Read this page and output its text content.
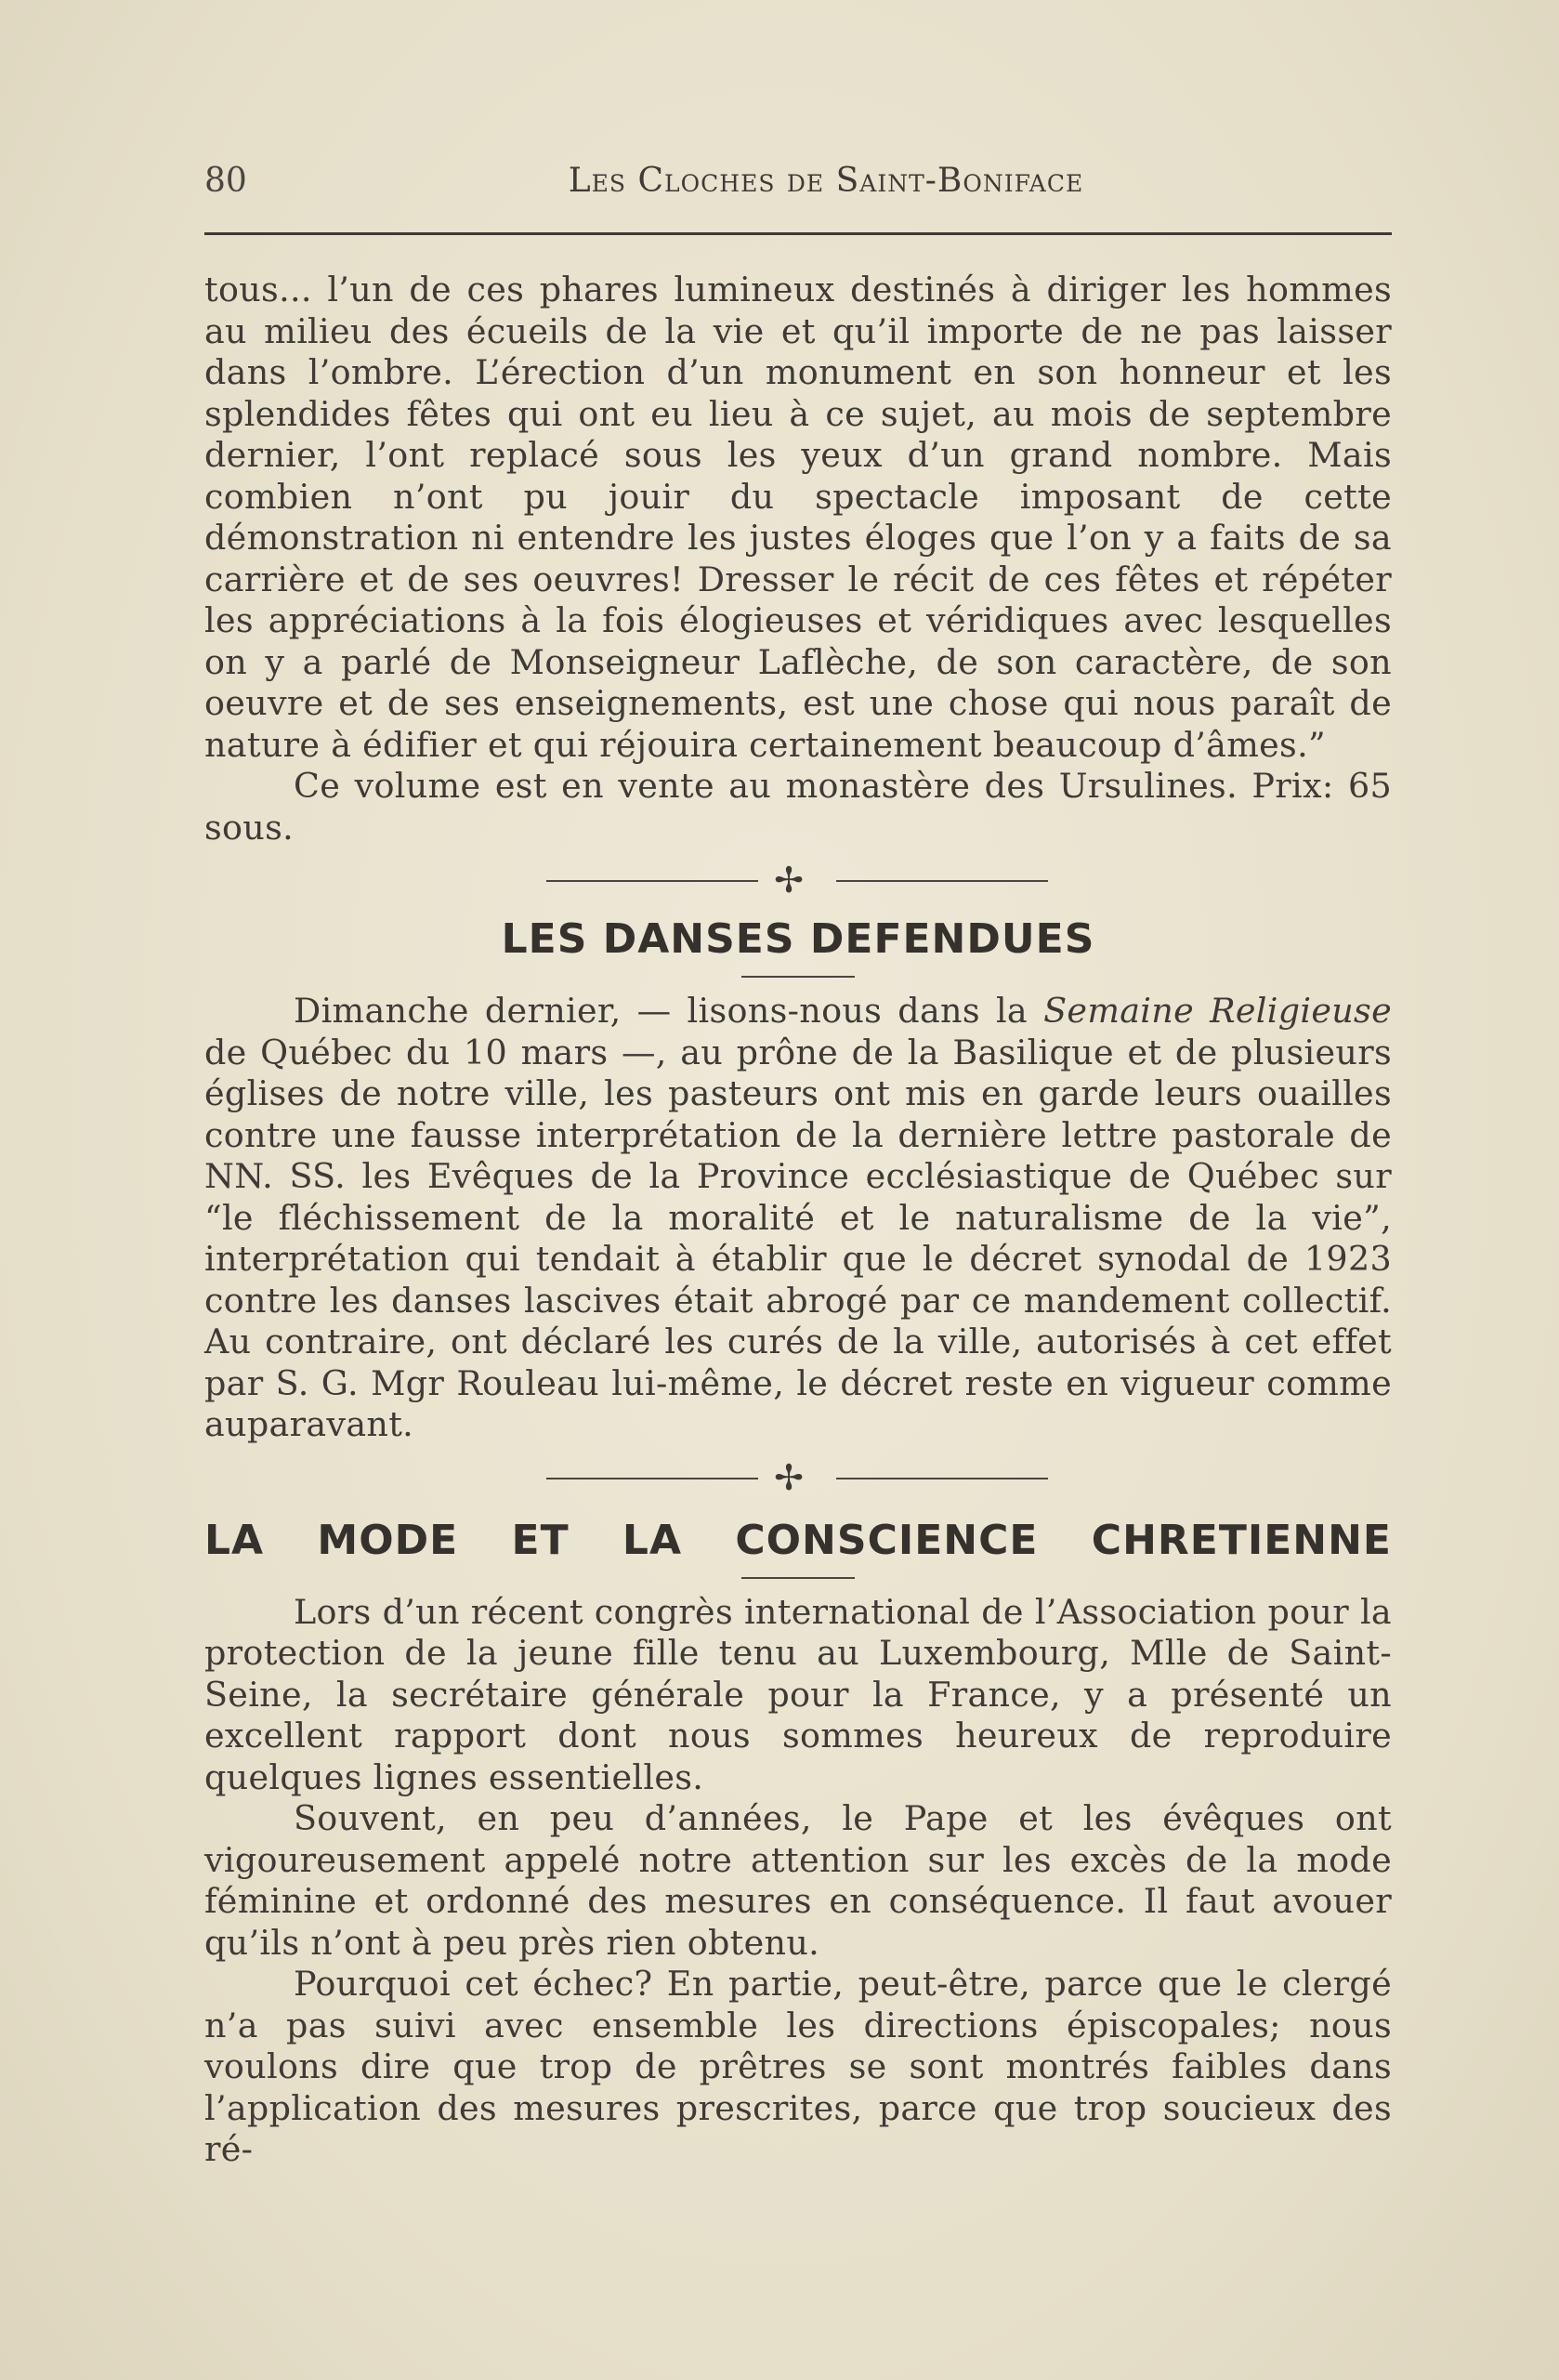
80	Les Cloches de Saint-Boniface

tous... l’un de ces phares lumineux destinés à diriger les hommes au milieu des écueils de la vie et qu’il importe de ne pas laisser dans l’ombre. L’érection d’un monument en son honneur et les splendides fêtes qui ont eu lieu à ce sujet, au mois de septembre dernier, l’ont replacé sous les yeux d’un grand nombre. Mais combien n’ont pu jouir du spectacle imposant de cette démonstration ni entendre les justes éloges que l’on y a faits de sa carrière et de ses oeuvres! Dresser le récit de ces fêtes et répéter les appréciations à la fois élogieuses et véridiques avec lesquelles on y a parlé de Monseigneur Laflèche, de son caractère, de son oeuvre et de ses enseignements, est une chose qui nous paraît de nature à édifier et qui réjouira certainement beaucoup d’âmes.”

Ce volume est en vente au monastère des Ursulines. Prix: 65 sous.

✢
LES DANSES DEFENDUES

Dimanche dernier, — lisons-nous dans la Semaine Religieuse de Québec du 10 mars —, au prône de la Basilique et de plusieurs églises de notre ville, les pasteurs ont mis en garde leurs ouailles contre une fausse interprétation de la dernière lettre pastorale de NN. SS. les Evêques de la Province ecclésiastique de Québec sur “le fléchissement de la moralité et le naturalisme de la vie”, interprétation qui tendait à établir que le décret synodal de 1923 contre les danses lascives était abrogé par ce mandement collectif. Au contraire, ont déclaré les curés de la ville, autorisés à cet effet par S. G. Mgr Rouleau lui-même, le décret reste en vigueur comme auparavant.

✢
LA MODE ET LA CONSCIENCE CHRETIENNE

Lors d’un récent congrès international de l’Association pour la protection de la jeune fille tenu au Luxembourg, Mlle de Saint-Seine, la secrétaire générale pour la France, y a présenté un excellent rapport dont nous sommes heureux de reproduire quelques lignes essentielles.

Souvent, en peu d’années, le Pape et les évêques ont vigoureusement appelé notre attention sur les excès de la mode féminine et ordonné des mesures en conséquence. Il faut avouer qu’ils n’ont à peu près rien obtenu.

Pourquoi cet échec? En partie, peut-être, parce que le clergé n’a pas suivi avec ensemble les directions épiscopales; nous voulons dire que trop de prêtres se sont montrés faibles dans l’application des mesures prescrites, parce que trop soucieux des ré-
